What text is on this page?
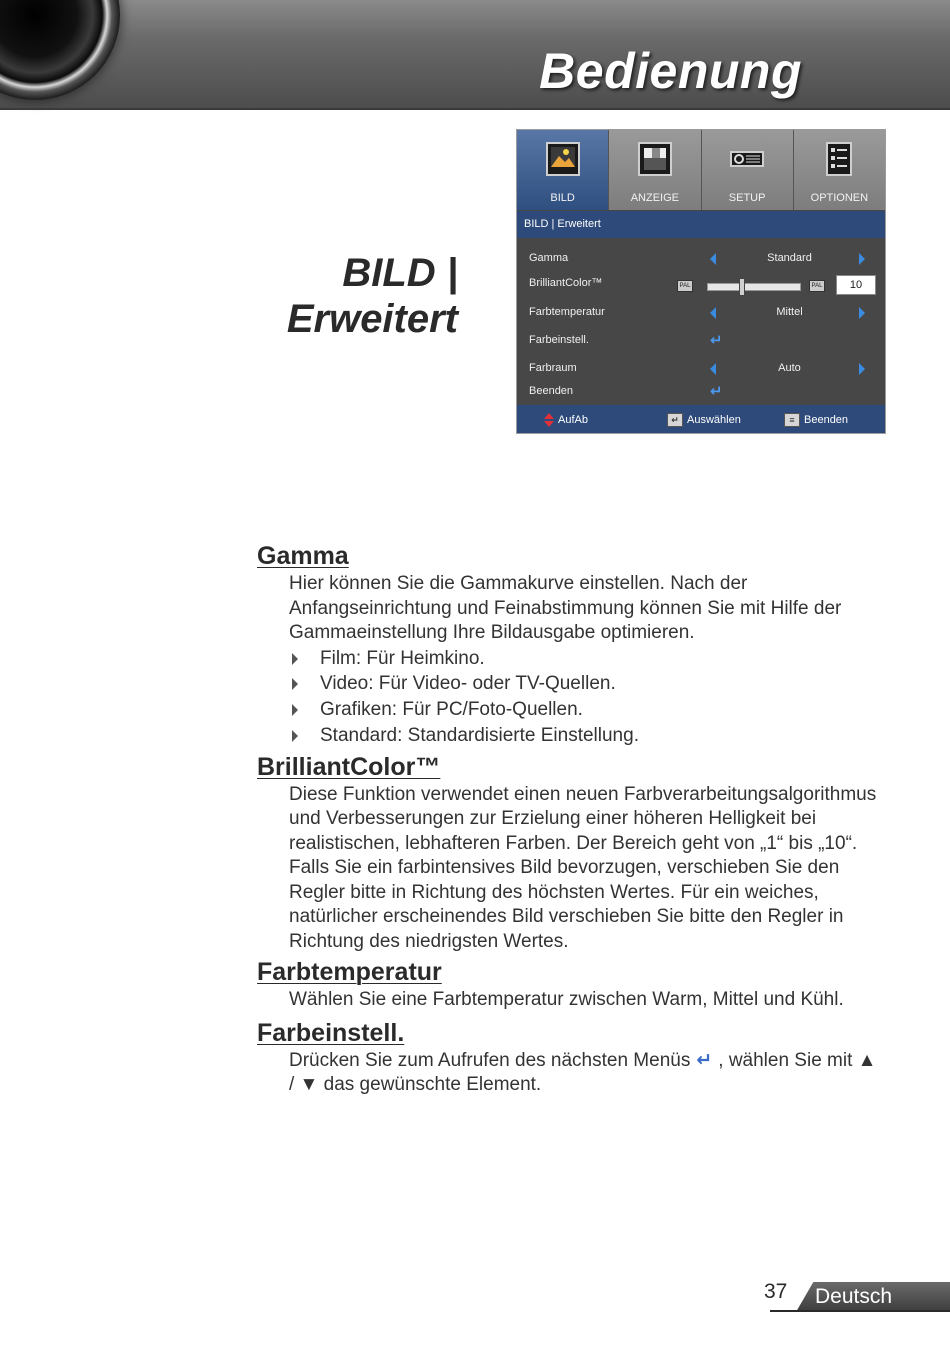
Bedienung
BILD |
Erweitert
BILD	ANZEIGE	SETUP	OPTIONEN
BILD | Erweitert
Gamma	Standard
BrilliantColor™	PAL	PAL	10
Farbtemperatur	Mittel
Farbeinstell.	↵
Farbraum	Auto
Beenden	↵
AufAb	↵ Auswählen	≡ Beenden
Gamma

Hier können Sie die Gammakurve einstellen. Nach der Anfangseinrichtung und Feinabstimmung können Sie mit Hilfe der Gammaeinstellung Ihre Bildausgabe optimieren.

Film: Für Heimkino.
Video: Für Video- oder TV-Quellen.
Grafiken: Für PC/Foto-Quellen.
Standard: Standardisierte Einstellung.
BrilliantColor™

Diese Funktion verwendet einen neuen Farbverarbeitungsalgorithmus und Verbesserungen zur Erzielung einer höheren Helligkeit bei realistischen, lebhafteren Farben. Der Bereich geht von „1“ bis „10“. Falls Sie ein farbintensives Bild bevorzugen, verschieben Sie den Regler bitte in Richtung des höchsten Wertes. Für ein weiches, natürlicher erscheinendes Bild verschieben Sie bitte den Regler in Richtung des niedrigsten Wertes.

Farbtemperatur

Wählen Sie eine Farbtemperatur zwischen Warm, Mittel und Kühl.

Farbeinstell.

Drücken Sie zum Aufrufen des nächsten Menüs ↵ , wählen Sie mit ▲ / ▼ das gewünschte Element.

37 Deutsch
